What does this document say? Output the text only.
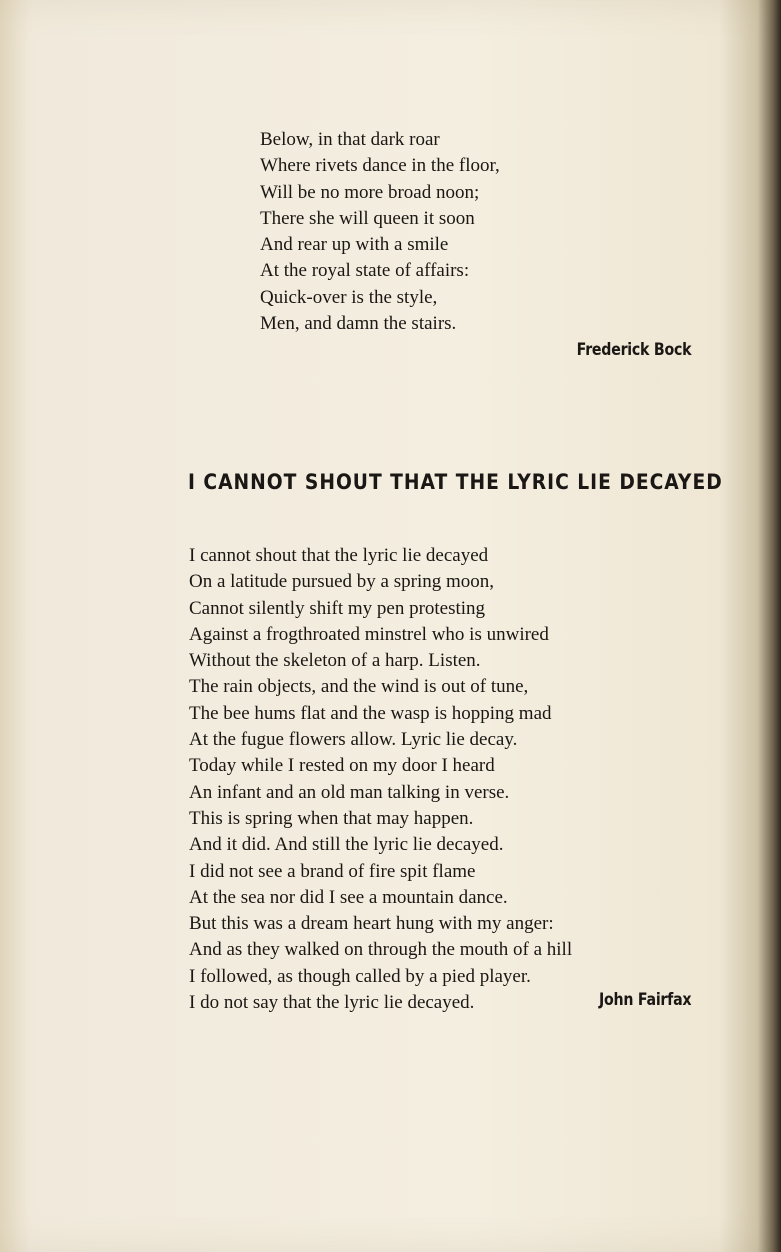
Below, in that dark roar
Where rivets dance in the floor,
Will be no more broad noon;
There she will queen it soon
And rear up with a smile
At the royal state of affairs:
Quick-over is the style,
Men, and damn the stairs.
Frederick Bock
I CANNOT SHOUT THAT THE LYRIC LIE DECAYED
I cannot shout that the lyric lie decayed
On a latitude pursued by a spring moon,
Cannot silently shift my pen protesting
Against a frogthroated minstrel who is unwired
Without the skeleton of a harp. Listen.
The rain objects, and the wind is out of tune,
The bee hums flat and the wasp is hopping mad
At the fugue flowers allow. Lyric lie decay.
Today while I rested on my door I heard
An infant and an old man talking in verse.
This is spring when that may happen.
And it did. And still the lyric lie decayed.
I did not see a brand of fire spit flame
At the sea nor did I see a mountain dance.
But this was a dream heart hung with my anger:
And as they walked on through the mouth of a hill
I followed, as though called by a pied player.
I do not say that the lyric lie decayed.	John Fairfax
